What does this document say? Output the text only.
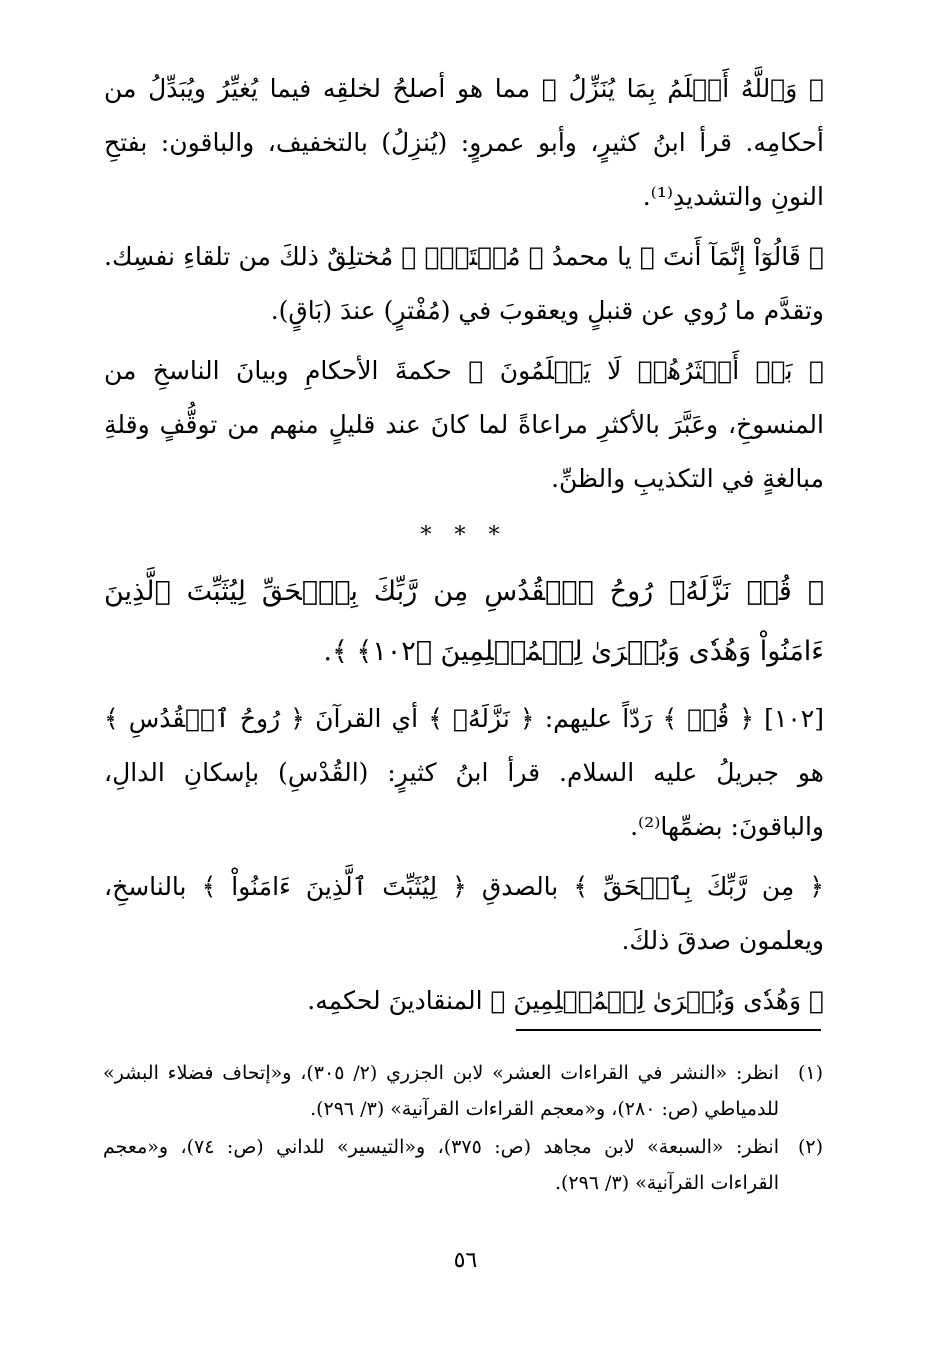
﴿ وَٱللَّهُ أَعۡلَمُ بِمَا يُنَزِّلُ ﴾ مما هو أصلحُ لخلقِه فيما يُغيِّرُ ويُبَدِّلُ من أحكامِه. قرأ ابنُ كثيرٍ، وأبو عمروٍ: (يُنزِلُ) بالتخفيف، والباقون: بفتحِ النونِ والتشديدِ⁽¹⁾.

﴿ قَالُوٓاْ إِنَّمَآ أَنتَ ﴾ يا محمدُ ﴿ مُفۡتَرٍۭ ﴾ مُختلِقٌ ذلكَ من تلقاءِ نفسِك. وتقدَّم ما رُوي عن قنبلٍ ويعقوبَ في (مُفْترٍ) عندَ (بَاقٍ).

﴿ بَلۡ أَكۡثَرُهُمۡ لَا يَعۡلَمُونَ ﴾ حكمةَ الأحكامِ وبيانَ الناسخِ من المنسوخِ، وعَبَّرَ بالأكثرِ مراعاةً لما كانَ عند قليلٍ منهم من توقُّفٍ وقلةِ مبالغةٍ في التكذيبِ والظنِّ.

* * *

﴿ قُلۡ نَزَّلَهُۥ رُوحُ ٱلۡقُدُسِ مِن رَّبِّكَ بِٱلۡحَقِّ لِيُثَبِّتَ ٱلَّذِينَ ءَامَنُواْ وَهُدٗى وَبُشۡرَىٰ لِلۡمُسۡلِمِينَ ﴿١٠٢﴾ ﴾.

[١٠٢] ﴿ قُلۡ ﴾ رَدّاً عليهم: ﴿ نَزَّلَهُۥ ﴾ أي القرآنَ ﴿ رُوحُ ٱلۡقُدُسِ ﴾ هو جبريلُ عليه السلام. قرأ ابنُ كثيرٍ: (القُدْسِ) بإسكانِ الدالِ، والباقونَ: بضمِّها⁽²⁾.

﴿ مِن رَّبِّكَ بِٱلۡحَقِّ ﴾ بالصدقِ ﴿ لِيُثَبِّتَ ٱلَّذِينَ ءَامَنُواْ ﴾ بالناسخِ، ويعلمون صدقَ ذلكَ.

﴿ وَهُدٗى وَبُشۡرَىٰ لِلۡمُسۡلِمِينَ ﴾ المنقادينَ لحكمِه.

(١)
انظر: «النشر في القراءات العشر» لابن الجزري (٢/ ٣٠٥)، و«إتحاف فضلاء البشر» للدمياطي (ص: ٢٨٠)، و«معجم القراءات القرآنية» (٣/ ٢٩٦).
(٢)
انظر: «السبعة» لابن مجاهد (ص: ٣٧٥)، و«التيسير» للداني (ص: ٧٤)، و«معجم القراءات القرآنية» (٣/ ٢٩٦).
٥٦
